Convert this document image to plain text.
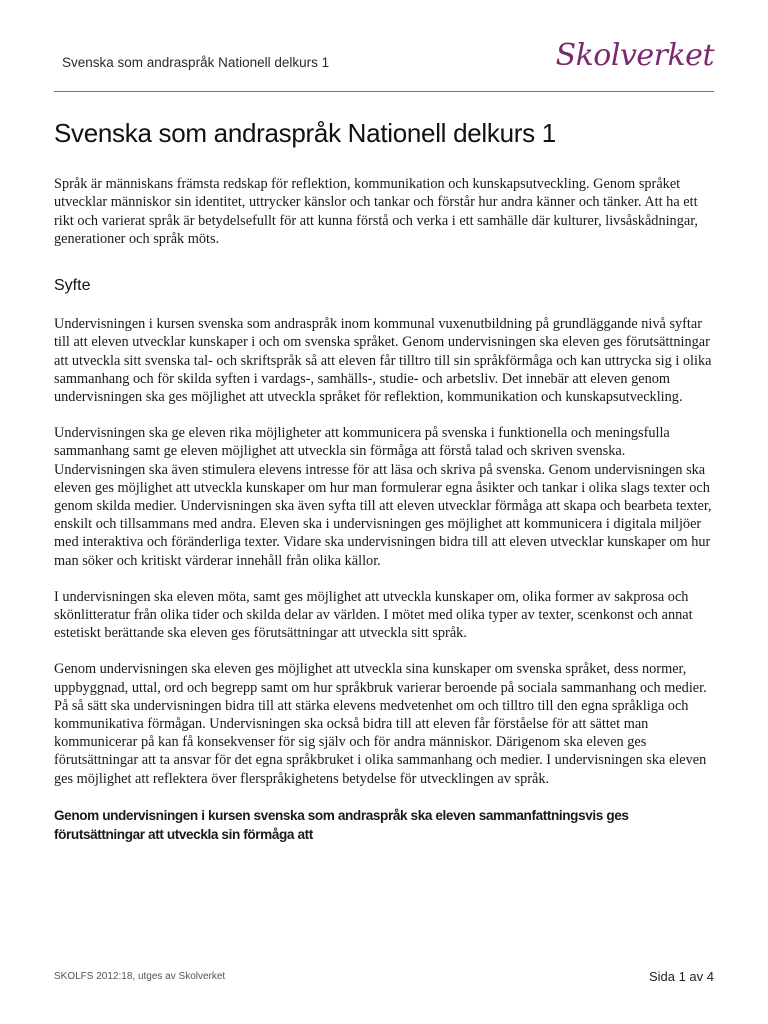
Svenska som andraspråk Nationell delkurs 1	Skolverket
Svenska som andraspråk Nationell delkurs 1

Språk är människans främsta redskap för reflektion, kommunikation och kunskapsutveckling. Genom språket utvecklar människor sin identitet, uttrycker känslor och tankar och förstår hur andra känner och tänker. Att ha ett rikt och varierat språk är betydelsefullt för att kunna förstå och verka i ett samhälle där kulturer, livsåskådningar, generationer och språk möts.

Syfte

Undervisningen i kursen svenska som andraspråk inom kommunal vuxenutbildning på grundläggande nivå syftar till att eleven utvecklar kunskaper i och om svenska språket. Genom undervisningen ska eleven ges förutsättningar att utveckla sitt svenska tal- och skriftspråk så att eleven får tilltro till sin språkförmåga och kan uttrycka sig i olika sammanhang och för skilda syften i vardags-, samhälls-, studie- och arbetsliv. Det innebär att eleven genom undervisningen ska ges möjlighet att utveckla språket för reflektion, kommunikation och kunskapsutveckling.

Undervisningen ska ge eleven rika möjligheter att kommunicera på svenska i funktionella och meningsfulla sammanhang samt ge eleven möjlighet att utveckla sin förmåga att förstå talad och skriven svenska. Undervisningen ska även stimulera elevens intresse för att läsa och skriva på svenska. Genom undervisningen ska eleven ges möjlighet att utveckla kunskaper om hur man formulerar egna åsikter och tankar i olika slags texter och genom skilda medier. Undervisningen ska även syfta till att eleven utvecklar förmåga att skapa och bearbeta texter, enskilt och tillsammans med andra. Eleven ska i undervisningen ges möjlighet att kommunicera i digitala miljöer med interaktiva och föränderliga texter. Vidare ska undervisningen bidra till att eleven utvecklar kunskaper om hur man söker och kritiskt värderar innehåll från olika källor.

I undervisningen ska eleven möta, samt ges möjlighet att utveckla kunskaper om, olika former av sakprosa och skönlitteratur från olika tider och skilda delar av världen. I mötet med olika typer av texter, scenkonst och annat estetiskt berättande ska eleven ges förutsättningar att utveckla sitt språk.

Genom undervisningen ska eleven ges möjlighet att utveckla sina kunskaper om svenska språket, dess normer, uppbyggnad, uttal, ord och begrepp samt om hur språkbruk varierar beroende på sociala sammanhang och medier. På så sätt ska undervisningen bidra till att stärka elevens medvetenhet om och tilltro till den egna språkliga och kommunikativa förmågan. Undervisningen ska också bidra till att eleven får förståelse för att sättet man kommunicerar på kan få konsekvenser för sig själv och för andra människor. Därigenom ska eleven ges förutsättningar att ta ansvar för det egna språkbruket i olika sammanhang och medier. I undervisningen ska eleven ges möjlighet att reflektera över flerspråkighetens betydelse för utvecklingen av språk.

Genom undervisningen i kursen svenska som andraspråk ska eleven sammanfattningsvis ges förutsättningar att utveckla sin förmåga att

SKOLFS 2012:18, utges av Skolverket	Sida 1 av 4
